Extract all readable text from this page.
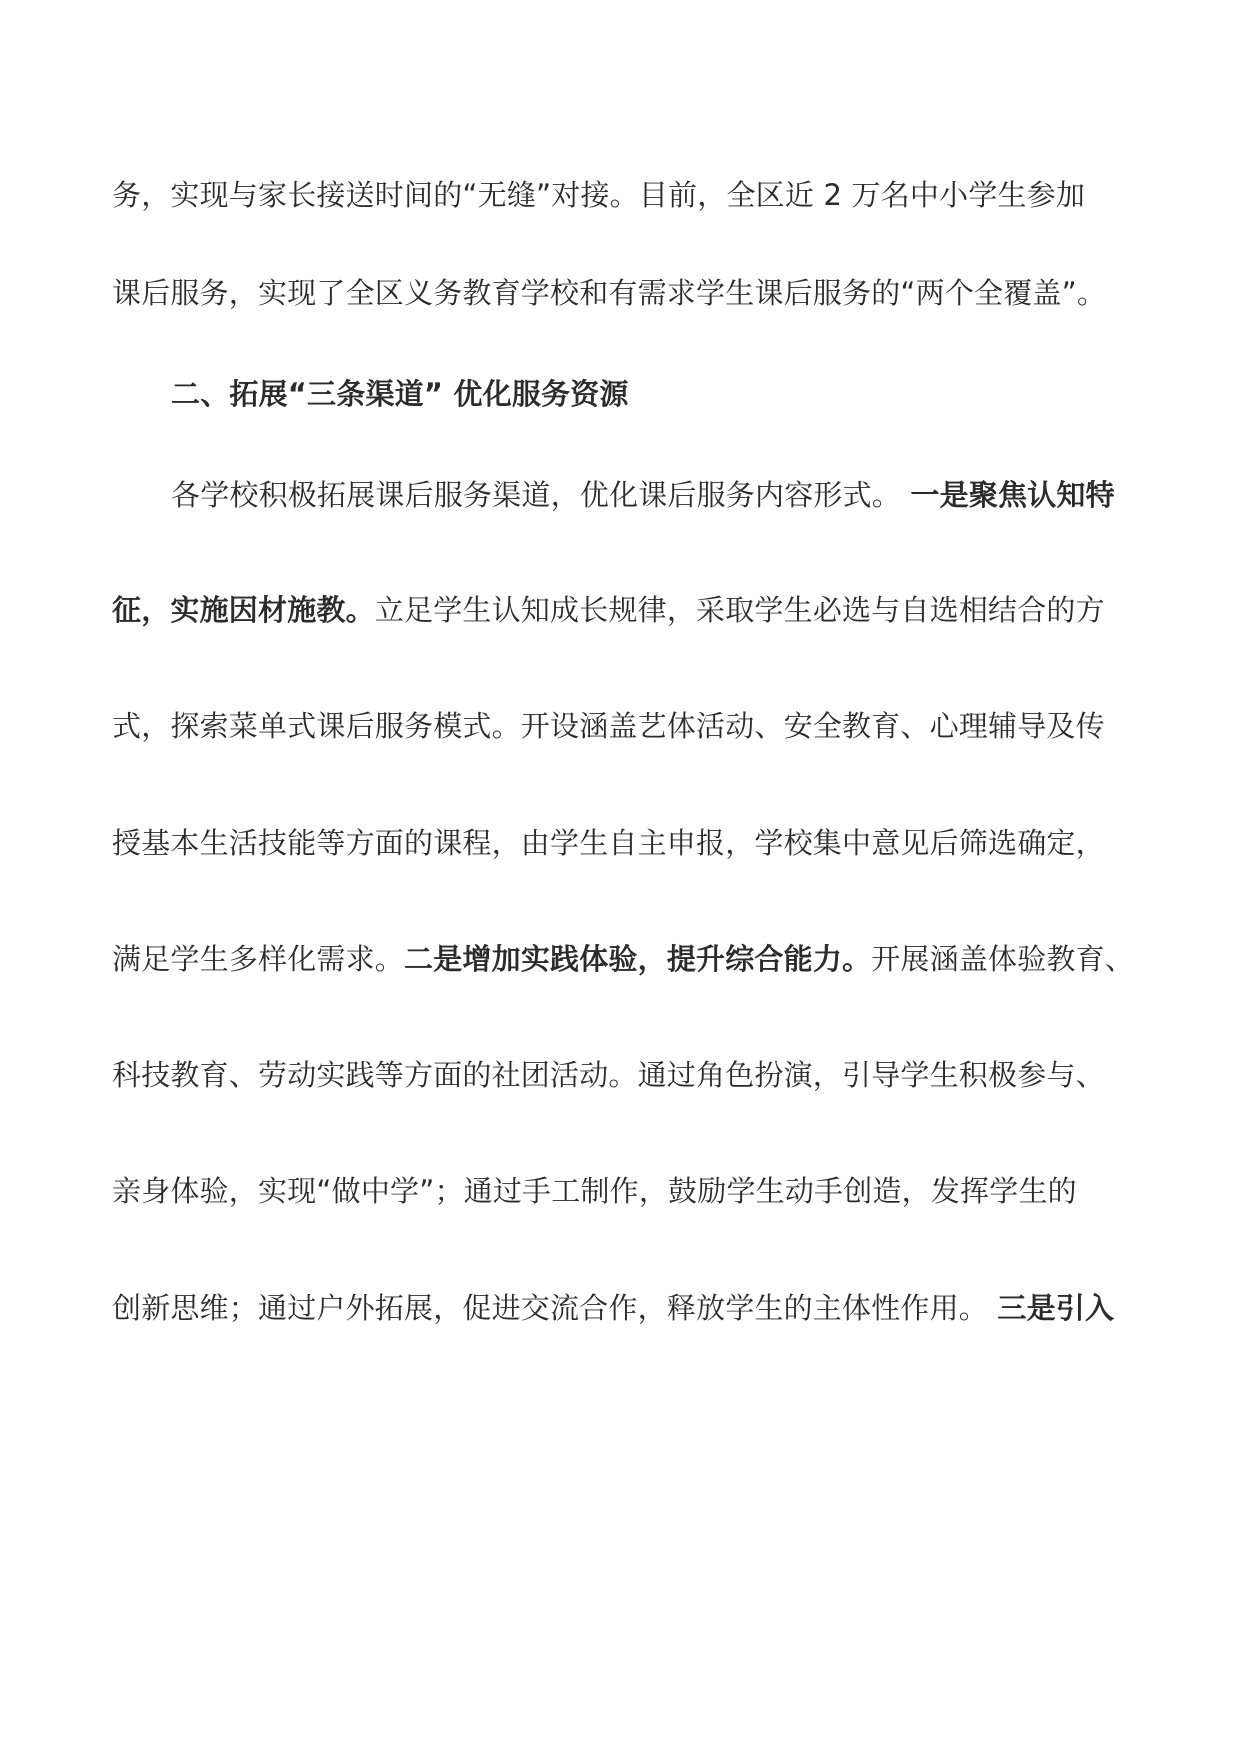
务，实现与家长接送时间的“无缝”对接。目前，全区近 2 万名中小学生参加
课后服务，实现了全区义务教育学校和有需求学生课后服务的“两个全覆盖”。
二、拓展“三条渠道” 优化服务资源
各学校积极拓展课后服务渠道，优化课后服务内容形式。 一是聚焦认知特
征，实施因材施教。立足学生认知成长规律，采取学生必选与自选相结合的方
式，探索菜单式课后服务模式。开设涵盖艺体活动、安全教育、心理辅导及传
授基本生活技能等方面的课程，由学生自主申报，学校集中意见后筛选确定，
满足学生多样化需求。二是增加实践体验，提升综合能力。开展涵盖体验教育、
科技教育、劳动实践等方面的社团活动。通过角色扮演，引导学生积极参与、
亲身体验，实现“做中学”；通过手工制作，鼓励学生动手创造，发挥学生的
创新思维；通过户外拓展，促进交流合作，释放学生的主体性作用。 三是引入
